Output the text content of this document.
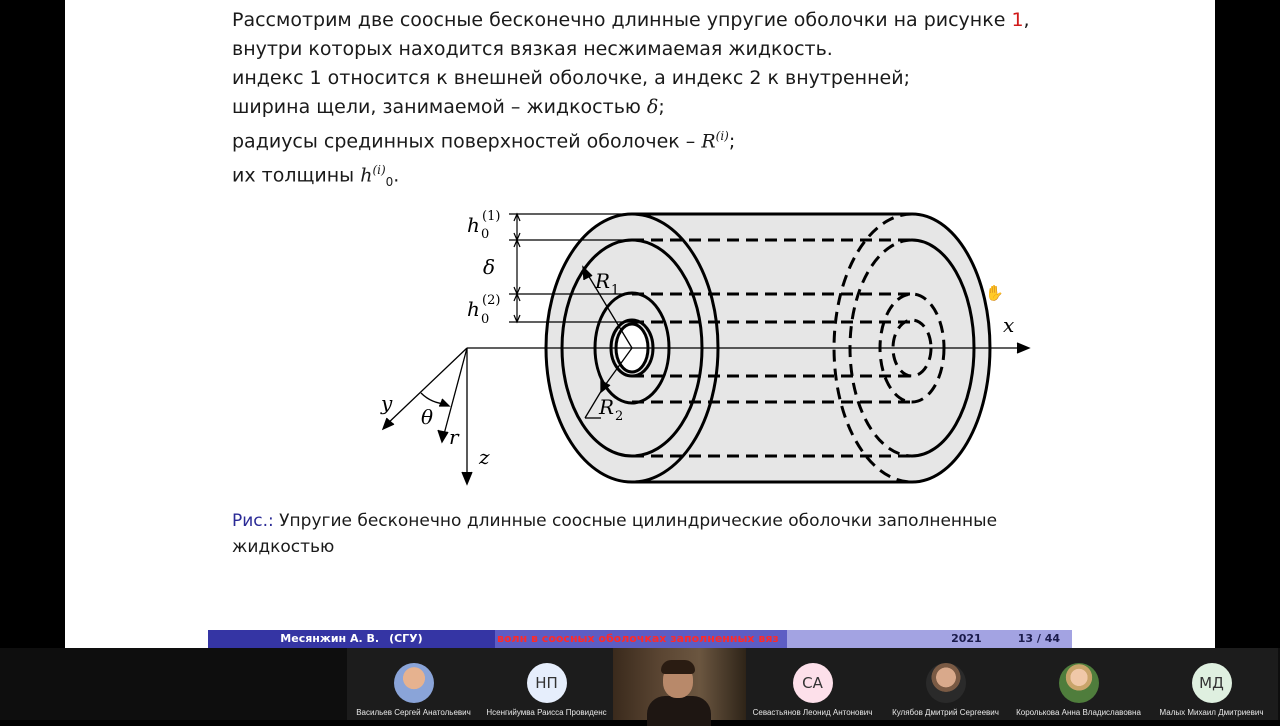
Рассмотрим две соосные бесконечно длинные упругие оболочки на рисунке 1,
внутри которых находится вязкая несжимаемая жидкость.
индекс 1 относится к внешней оболочке, а индекс 2 к внутренней;
ширина щели, занимаемой – жидкостью δ;
радиусы срединных поверхностей оболочек – $R^{(i)}$;
их толщины $h^{(i)}_0$.
h (1)
0
δ
h (2)
0
R 1
R 2
x
y
z
r
θ
Рис.: Упругие бесконечно длинные соосные цилиндрические оболочки заполненные жидкостью
Месянжин А. В. (СГУ)	волн в соосных оболочках заполненных вяз	2021	13 / 44
✋
Васильев Сергей Анатольевич
НП
Нсенгийумва Раисса Провиденс
СА
Севастьянов Леонид Антонович Кулябов Дмитрий Сергеевич Королькова Анна Владиславовна
МД
Малых Михаил Дмитриевич
